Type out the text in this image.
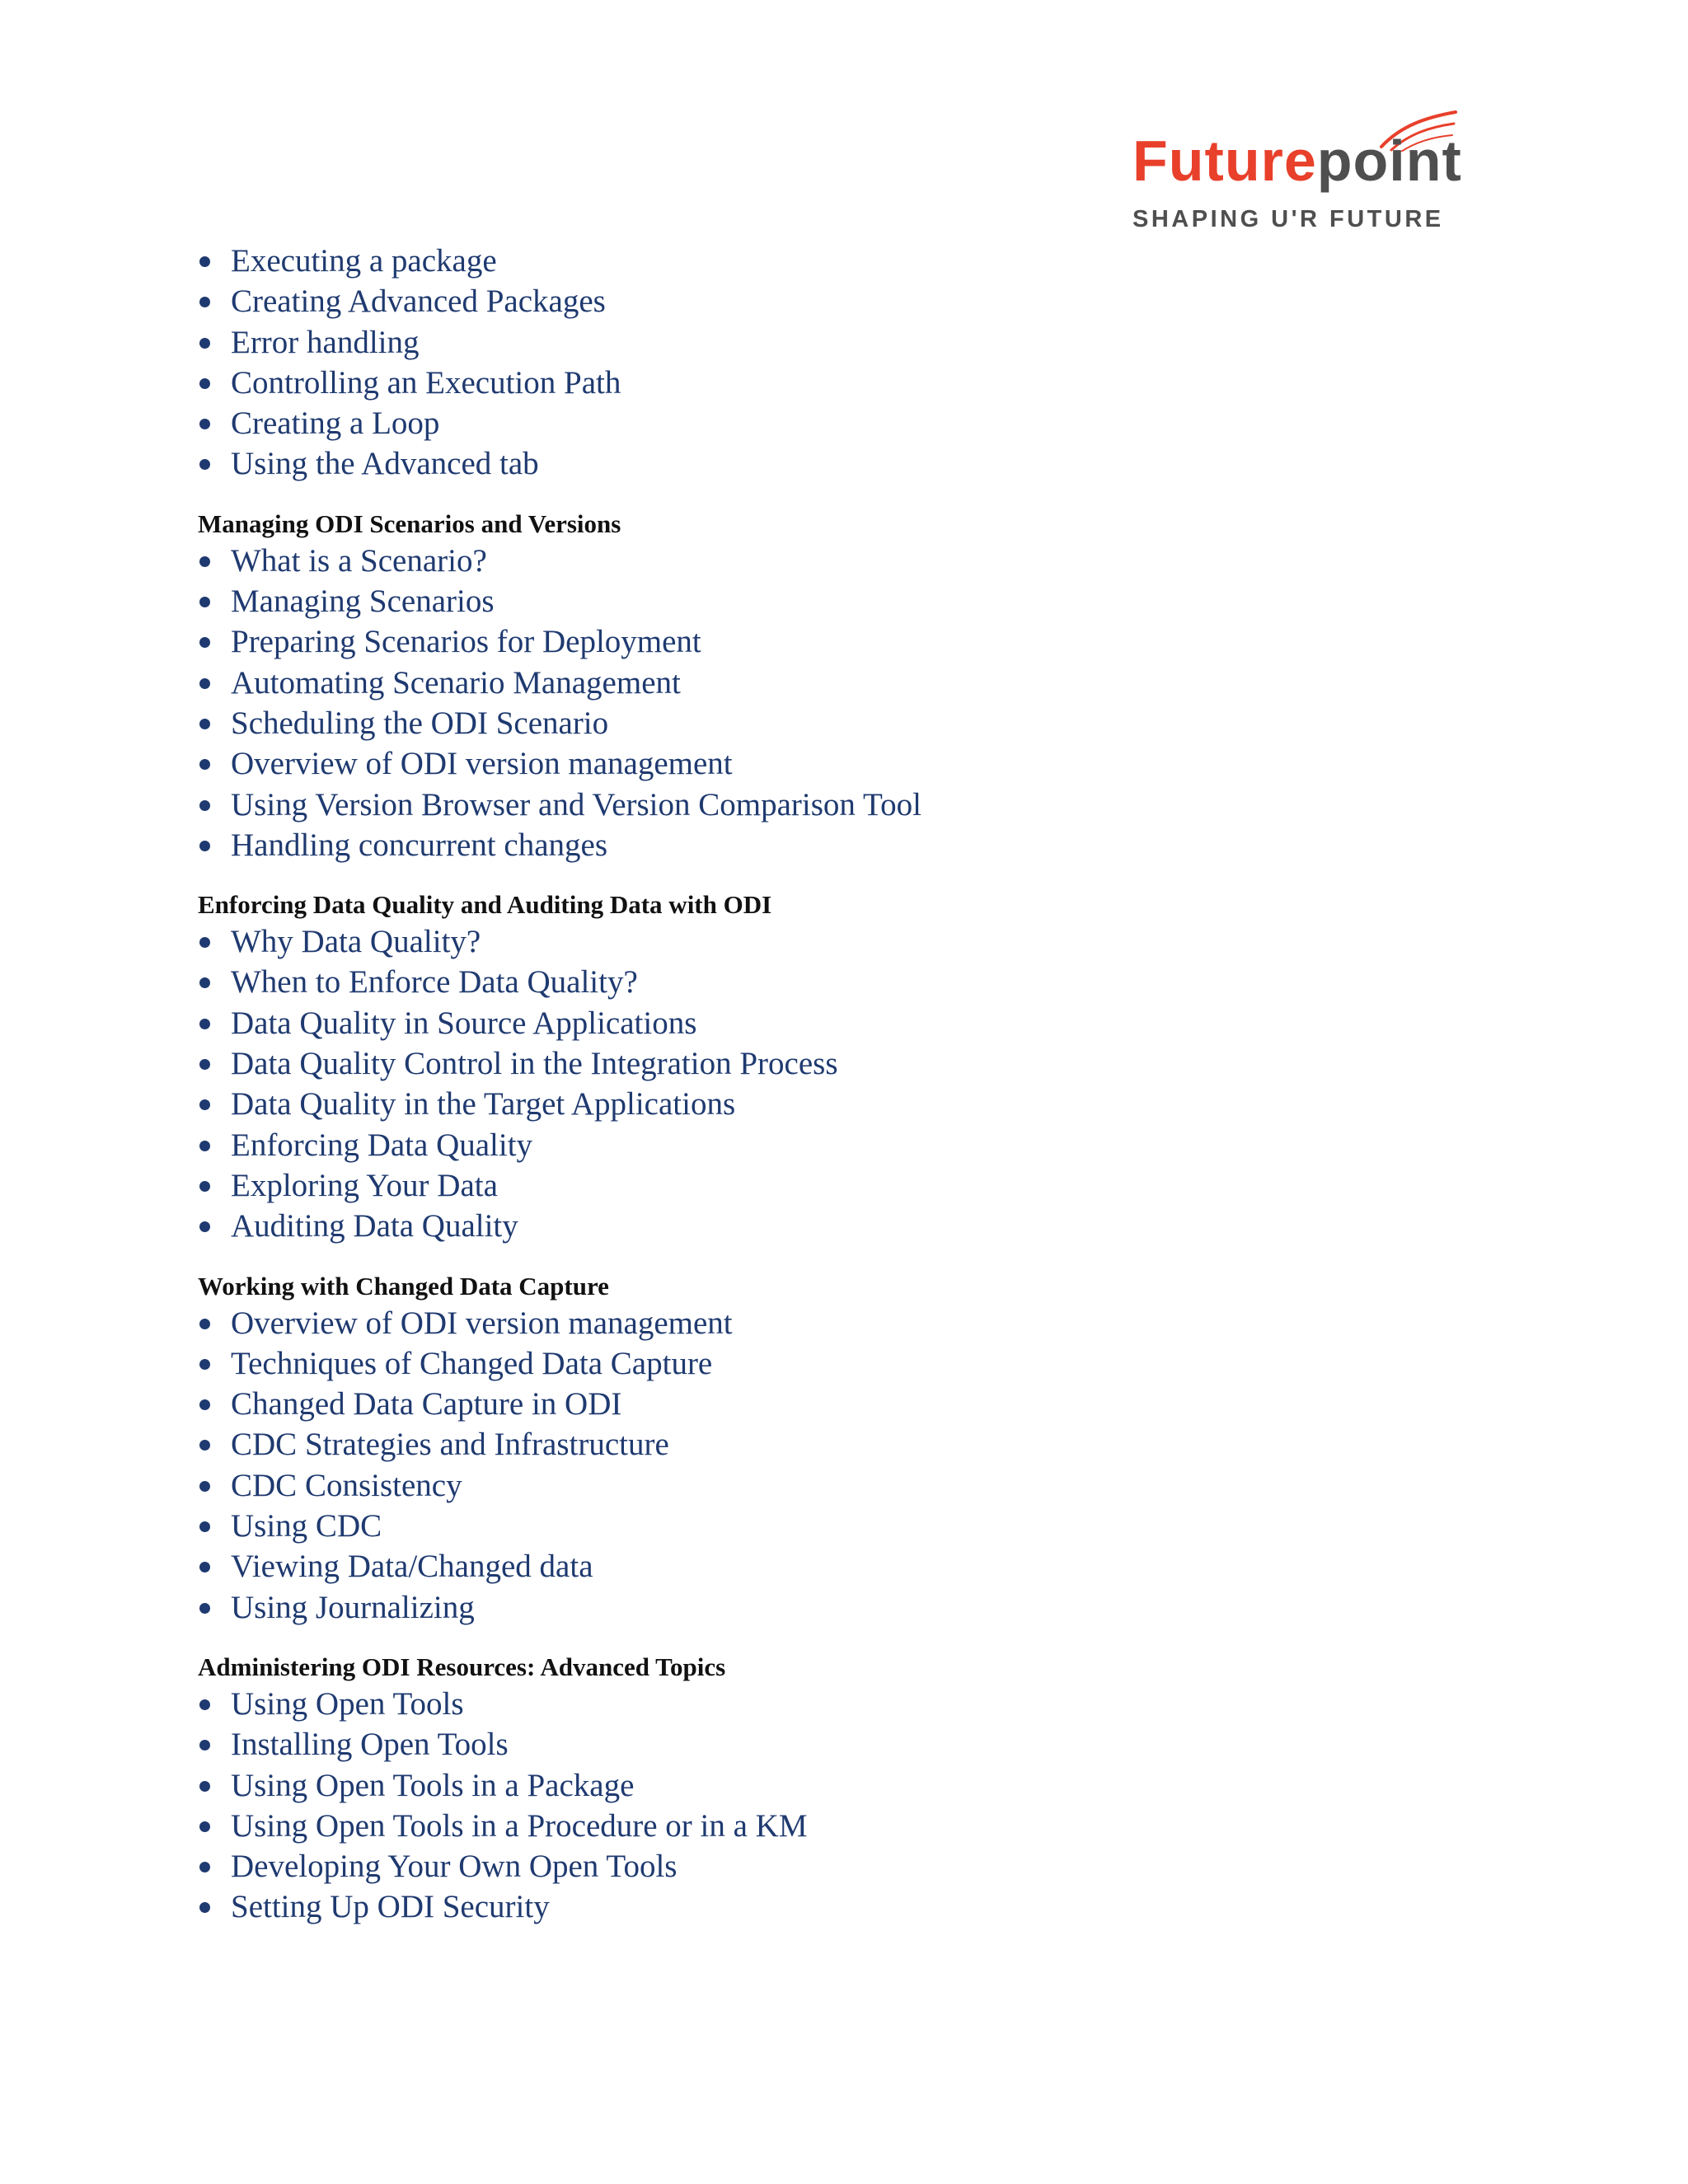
Futurepoint
SHAPING U'R FUTURE
Executing a package
Creating Advanced Packages
Error handling
Controlling an Execution Path
Creating a Loop
Using the Advanced tab
Managing ODI Scenarios and Versions
What is a Scenario?
Managing Scenarios
Preparing Scenarios for Deployment
Automating Scenario Management
Scheduling the ODI Scenario
Overview of ODI version management
Using Version Browser and Version Comparison Tool
Handling concurrent changes
Enforcing Data Quality and Auditing Data with ODI
Why Data Quality?
When to Enforce Data Quality?
Data Quality in Source Applications
Data Quality Control in the Integration Process
Data Quality in the Target Applications
Enforcing Data Quality
Exploring Your Data
Auditing Data Quality
Working with Changed Data Capture
Overview of ODI version management
Techniques of Changed Data Capture
Changed Data Capture in ODI
CDC Strategies and Infrastructure
CDC Consistency
Using CDC
Viewing Data/Changed data
Using Journalizing
Administering ODI Resources: Advanced Topics
Using Open Tools
Installing Open Tools
Using Open Tools in a Package
Using Open Tools in a Procedure or in a KM
Developing Your Own Open Tools
Setting Up ODI Security
